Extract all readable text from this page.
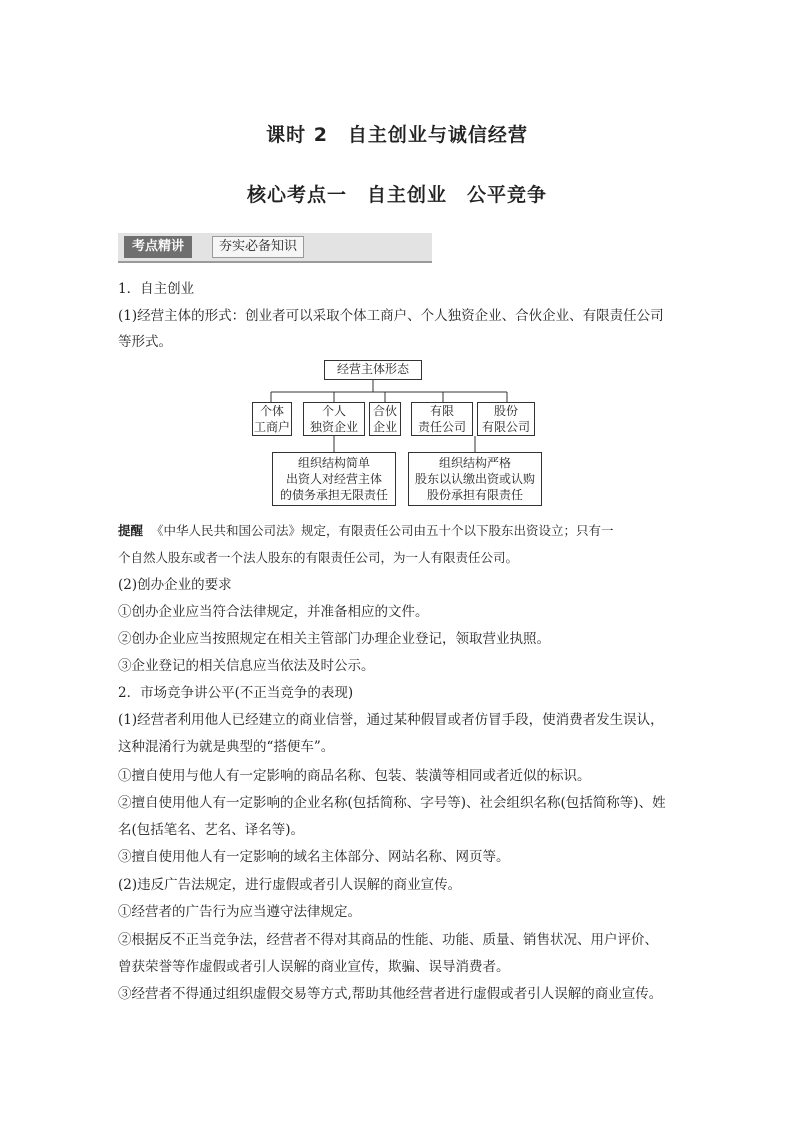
课时 2　自主创业与诚信经营
核心考点一　自主创业　公平竞争
考点精讲	夯实必备知识
1．自主创业
(1)经营主体的形式：创业者可以采取个体工商户、个人独资企业、合伙企业、有限责任公司
等形式。
经营主体形态
个体
工商户
个人
独资企业
合伙
企业
有限
责任公司
股份
有限公司
组织结构简单
出资人对经营主体
的债务承担无限责任
组织结构严格
股东以认缴出资或认购
股份承担有限责任
提醒 《中华人民共和国公司法》规定，有限责任公司由五十个以下股东出资设立；只有一
个自然人股东或者一个法人股东的有限责任公司，为一人有限责任公司。
(2)创办企业的要求
①创办企业应当符合法律规定，并准备相应的文件。
②创办企业应当按照规定在相关主管部门办理企业登记，领取营业执照。
③企业登记的相关信息应当依法及时公示。
2．市场竞争讲公平(不正当竞争的表现)
(1)经营者利用他人已经建立的商业信誉，通过某种假冒或者仿冒手段，使消费者发生误认，
这种混淆行为就是典型的“搭便车”。
①擅自使用与他人有一定影响的商品名称、包装、装潢等相同或者近似的标识。
②擅自使用他人有一定影响的企业名称(包括简称、字号等)、社会组织名称(包括简称等)、姓
名(包括笔名、艺名、译名等)。
③擅自使用他人有一定影响的域名主体部分、网站名称、网页等。
(2)违反广告法规定，进行虚假或者引人误解的商业宣传。
①经营者的广告行为应当遵守法律规定。
②根据反不正当竞争法，经营者不得对其商品的性能、功能、质量、销售状况、用户评价、
曾获荣誉等作虚假或者引人误解的商业宣传，欺骗、误导消费者。
③经营者不得通过组织虚假交易等方式,帮助其他经营者进行虚假或者引人误解的商业宣传。
